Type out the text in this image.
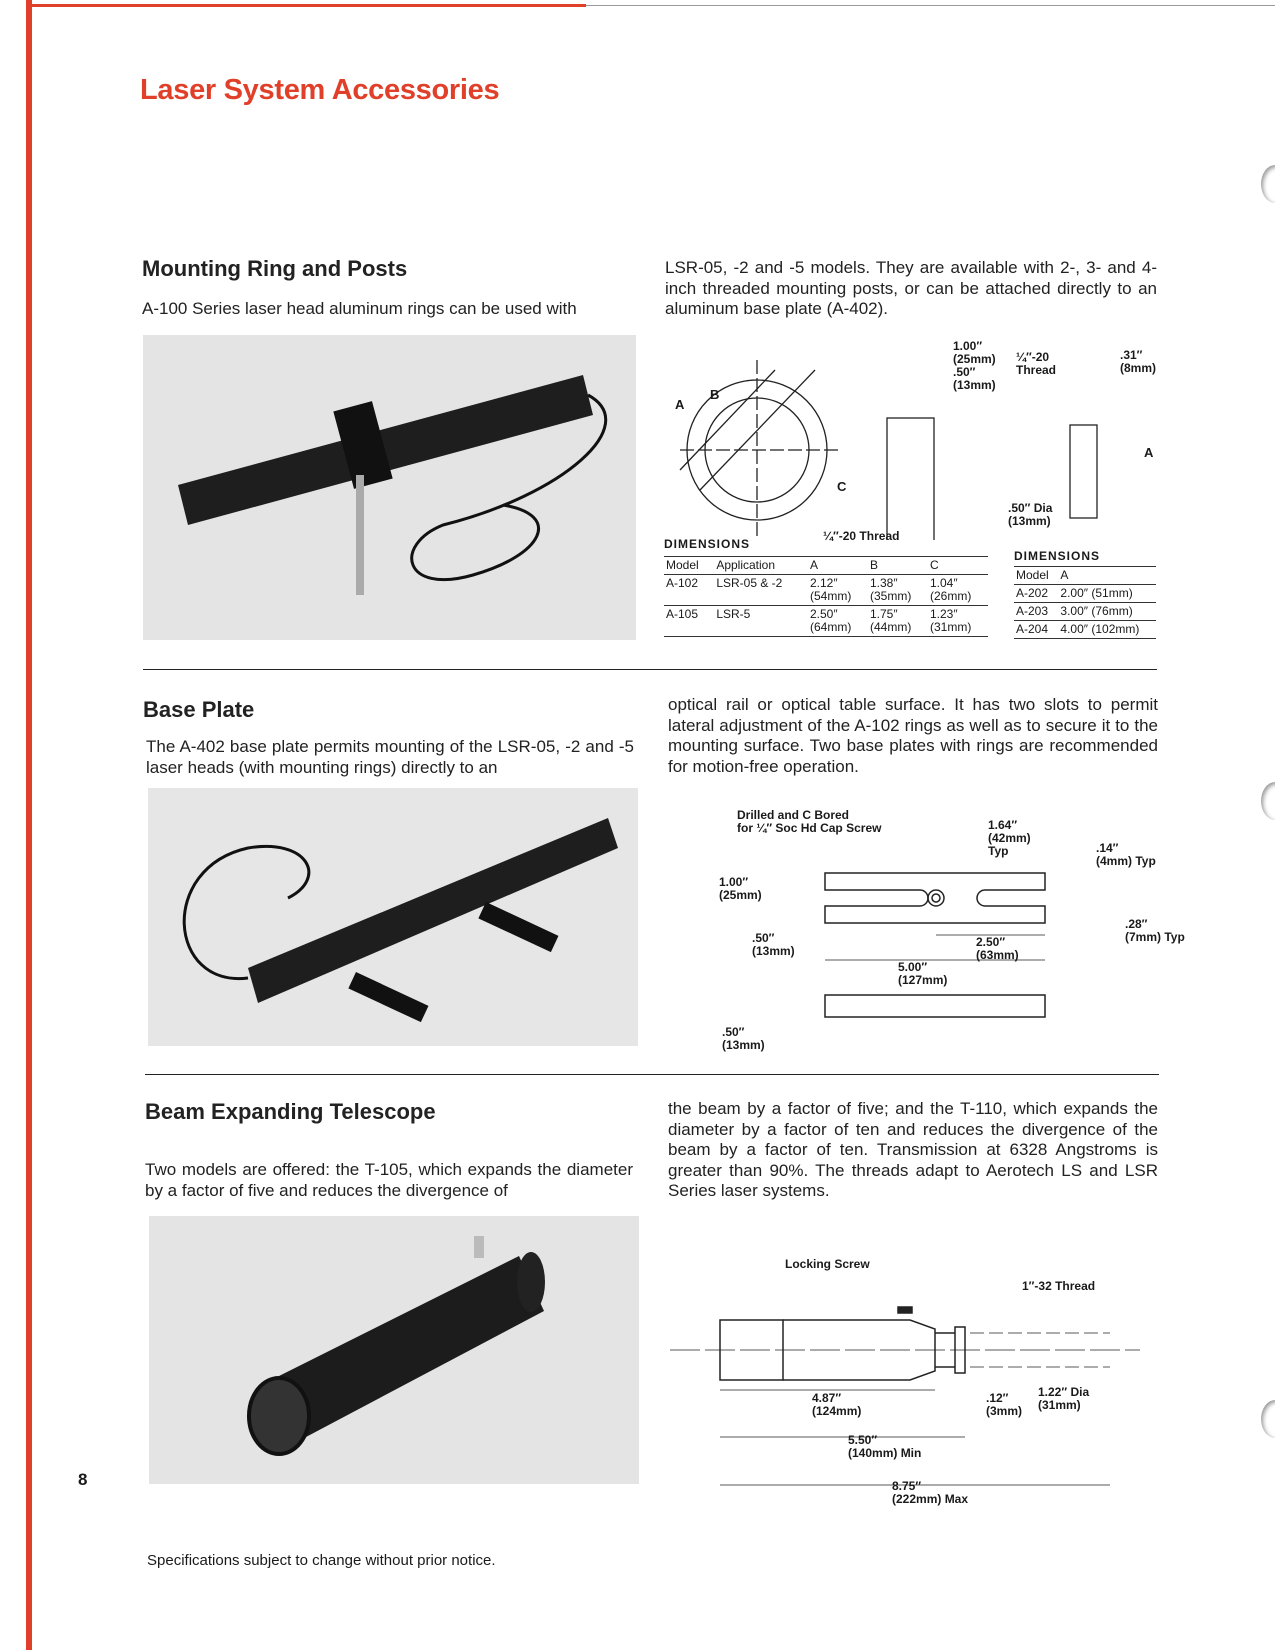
Laser System Accessories
Mounting Ring and Posts

A-100 Series laser head aluminum rings can be used with

LSR-05, -2 and -5 models. They are available with 2-, 3- and 4-inch threaded mounting posts, or can be attached directly to an aluminum base plate (A-402).

A
B
C
¼″-20 Thread
1.00″
(25mm)
.50″
(13mm)
¼″-20
Thread
.31″
(8mm)
A
.50″ Dia
(13mm)
DIMENSIONS
Model	Application	A	B	C
A-102	LSR-05 & -2	2.12″ (54mm)	1.38″ (35mm)	1.04″ (26mm)
A-105	LSR-5	2.50″ (64mm)	1.75″ (44mm)	1.23″ (31mm)
DIMENSIONS
Model	A
A-202	2.00″ (51mm)
A-203	3.00″ (76mm)
A-204	4.00″ (102mm)
Base Plate

The A-402 base plate permits mounting of the LSR-05, -2 and -5 laser heads (with mounting rings) directly to an

optical rail or optical table surface. It has two slots to permit lateral adjustment of the A-102 rings as well as to secure it to the mounting surface. Two base plates with rings are recommended for motion-free operation.

Drilled and C Bored
for ¼″ Soc Hd Cap Screw	1.64″
(42mm)
Typ	.14″
(4mm) Typ
1.00″
(25mm)
.50″
(13mm)
2.50″
(63mm)
5.00″
(127mm)
.28″
(7mm) Typ
.50″
(13mm)
Beam Expanding Telescope

Two models are offered: the T-105, which expands the diameter by a factor of five and reduces the divergence of

the beam by a factor of five; and the T-110, which expands the diameter by a factor of ten and reduces the divergence of the beam by a factor of ten. Transmission at 6328 Angstroms is greater than 90%. The threads adapt to Aerotech LS and LSR Series laser systems.

Locking Screw
1″-32 Thread
4.87″
(124mm)
.12″
(3mm)
1.22″ Dia
(31mm)
5.50″
(140mm) Min
8.75″
(222mm) Max
8
Specifications subject to change without prior notice.
